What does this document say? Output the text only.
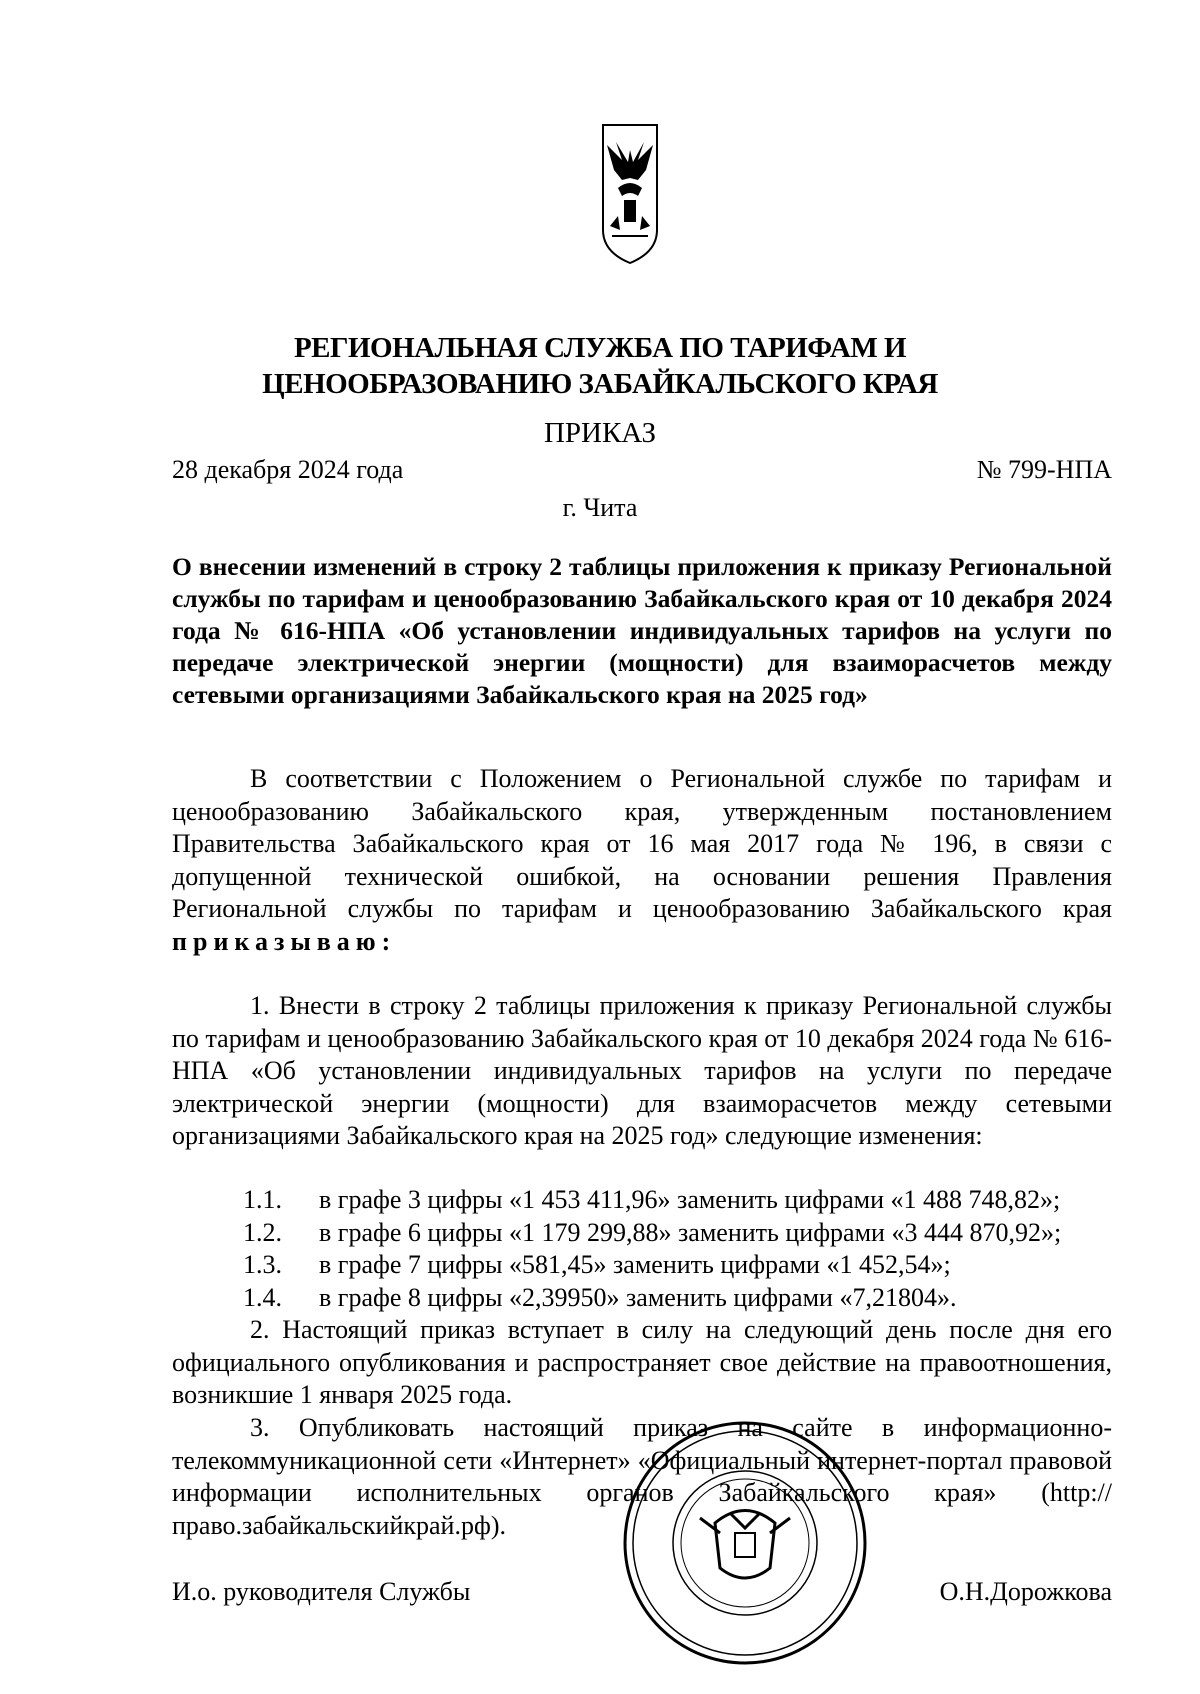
РЕГИОНАЛЬНАЯ СЛУЖБА ПО ТАРИФАМ И
ЦЕНООБРАЗОВАНИЮ ЗАБАЙКАЛЬСКОГО КРАЯ
ПРИКАЗ
28 декабря 2024 года	№ 799-НПА
г. Чита
О внесении изменений в строку 2 таблицы приложения к приказу Региональной службы по тарифам и ценообразованию Забайкальского края от 10 декабря 2024 года № 616-НПА «Об установлении индивидуальных тарифов на услуги по передаче электрической энергии (мощности) для взаиморасчетов между сетевыми организациями Забайкальского края на 2025 год»
В соответствии с Положением о Региональной службе по тарифам и ценообразованию Забайкальского края, утвержденным постановлением Правительства Забайкальского края от 16 мая 2017 года № 196, в связи с допущенной технической ошибкой, на основании решения Правления Региональной службы по тарифам и ценообразованию Забайкальского края приказываю:
1. Внести в строку 2 таблицы приложения к приказу Региональной службы по тарифам и ценообразованию Забайкальского края от 10 декабря 2024 года № 616-НПА «Об установлении индивидуальных тарифов на услуги по передаче электрической энергии (мощности) для взаиморасчетов между сетевыми организациями Забайкальского края на 2025 год» следующие изменения:
1.1.	в графе 3 цифры «1 453 411,96» заменить цифрами «1 488 748,82»;
1.2.	в графе 6 цифры «1 179 299,88» заменить цифрами «3 444 870,92»;
1.3.	в графе 7 цифры «581,45» заменить цифрами «1 452,54»;
1.4.	в графе 8 цифры «2,39950» заменить цифрами «7,21804».
2. Настоящий приказ вступает в силу на следующий день после дня его официального опубликования и распространяет свое действие на правоотношения, возникшие 1 января 2025 года.
3. Опубликовать настоящий приказ на сайте в информационно-телекоммуникационной сети «Интернет» «Официальный интернет-портал правовой информации исполнительных органов Забайкальского края» (http://право.забайкальскийкрай.рф).
И.о. руководителя Службы	О.Н.Дорожкова
